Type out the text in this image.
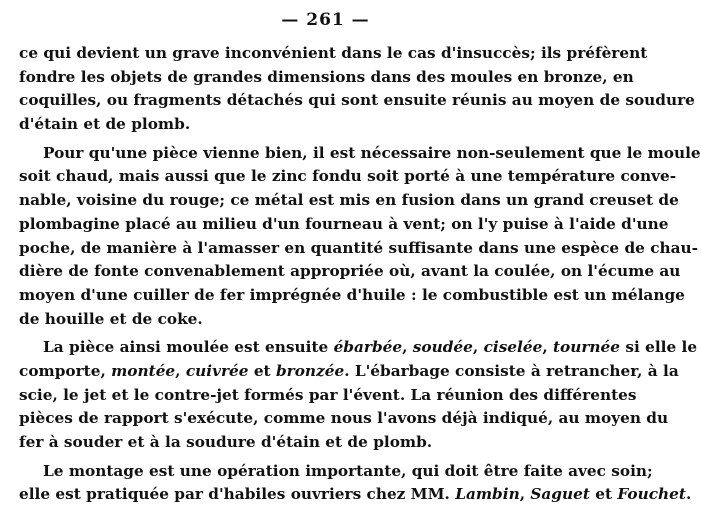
— 261 —
ce qui devient un grave inconvénient dans le cas d'insuccès; ils préfèrent
fondre les objets de grandes dimensions dans des moules en bronze, en
coquilles, ou fragments détachés qui sont ensuite réunis au moyen de soudure
d'étain et de plomb.
Pour qu'une pièce vienne bien, il est nécessaire non-seulement que le moule
soit chaud, mais aussi que le zinc fondu soit porté à une température conve-
nable, voisine du rouge; ce métal est mis en fusion dans un grand creuset de
plombagine placé au milieu d'un fourneau à vent; on l'y puise à l'aide d'une
poche, de manière à l'amasser en quantité suffisante dans une espèce de chau-
dière de fonte convenablement appropriée où, avant la coulée, on l'écume au
moyen d'une cuiller de fer imprégnée d'huile : le combustible est un mélange
de houille et de coke.
La pièce ainsi moulée est ensuite ébarbée, soudée, ciselée, tournée si elle le
comporte, montée, cuivrée et bronzée. L'ébarbage consiste à retrancher, à la
scie, le jet et le contre-jet formés par l'évent. La réunion des différentes
pièces de rapport s'exécute, comme nous l'avons déjà indiqué, au moyen du
fer à souder et à la soudure d'étain et de plomb.
Le montage est une opération importante, qui doit être faite avec soin;
elle est pratiquée par d'habiles ouvriers chez MM. Lambin, Saguet et Fouchet.
